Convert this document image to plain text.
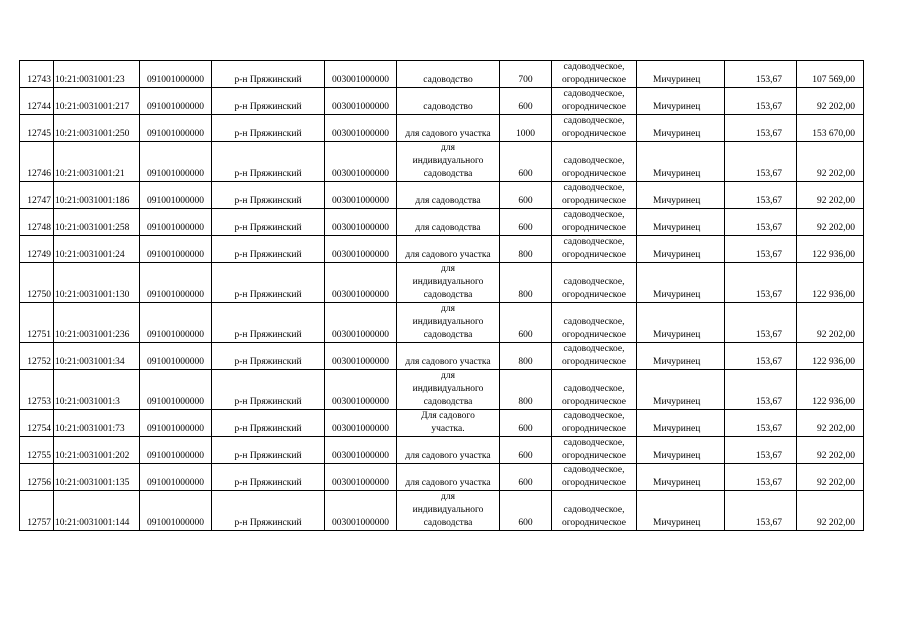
12743	10:21:0031001:23	091001000000	р-н Пряжинский	003001000000	садоводство	700	садоводческое,
огородническое	Мичуринец	153,67	107 569,00
12744	10:21:0031001:217	091001000000	р-н Пряжинский	003001000000	садоводство	600	садоводческое,
огородническое	Мичуринец	153,67	92 202,00
12745	10:21:0031001:250	091001000000	р-н Пряжинский	003001000000	для садового участка	1000	садоводческое,
огородническое	Мичуринец	153,67	153 670,00
12746	10:21:0031001:21	091001000000	р-н Пряжинский	003001000000	для
индивидуального
садоводства	600	садоводческое,
огородническое	Мичуринец	153,67	92 202,00
12747	10:21:0031001:186	091001000000	р-н Пряжинский	003001000000	для садоводства	600	садоводческое,
огородническое	Мичуринец	153,67	92 202,00
12748	10:21:0031001:258	091001000000	р-н Пряжинский	003001000000	для садоводства	600	садоводческое,
огородническое	Мичуринец	153,67	92 202,00
12749	10:21:0031001:24	091001000000	р-н Пряжинский	003001000000	для садового участка	800	садоводческое,
огородническое	Мичуринец	153,67	122 936,00
12750	10:21:0031001:130	091001000000	р-н Пряжинский	003001000000	для
индивидуального
садоводства	800	садоводческое,
огородническое	Мичуринец	153,67	122 936,00
12751	10:21:0031001:236	091001000000	р-н Пряжинский	003001000000	для
индивидуального
садоводства	600	садоводческое,
огородническое	Мичуринец	153,67	92 202,00
12752	10:21:0031001:34	091001000000	р-н Пряжинский	003001000000	для садового участка	800	садоводческое,
огородническое	Мичуринец	153,67	122 936,00
12753	10:21:0031001:3	091001000000	р-н Пряжинский	003001000000	для
индивидуального
садоводства	800	садоводческое,
огородническое	Мичуринец	153,67	122 936,00
12754	10:21:0031001:73	091001000000	р-н Пряжинский	003001000000	Для садового
участка.	600	садоводческое,
огородническое	Мичуринец	153,67	92 202,00
12755	10:21:0031001:202	091001000000	р-н Пряжинский	003001000000	для садового участка	600	садоводческое,
огородническое	Мичуринец	153,67	92 202,00
12756	10:21:0031001:135	091001000000	р-н Пряжинский	003001000000	для садового участка	600	садоводческое,
огородническое	Мичуринец	153,67	92 202,00
12757	10:21:0031001:144	091001000000	р-н Пряжинский	003001000000	для
индивидуального
садоводства	600	садоводческое,
огородническое	Мичуринец	153,67	92 202,00
